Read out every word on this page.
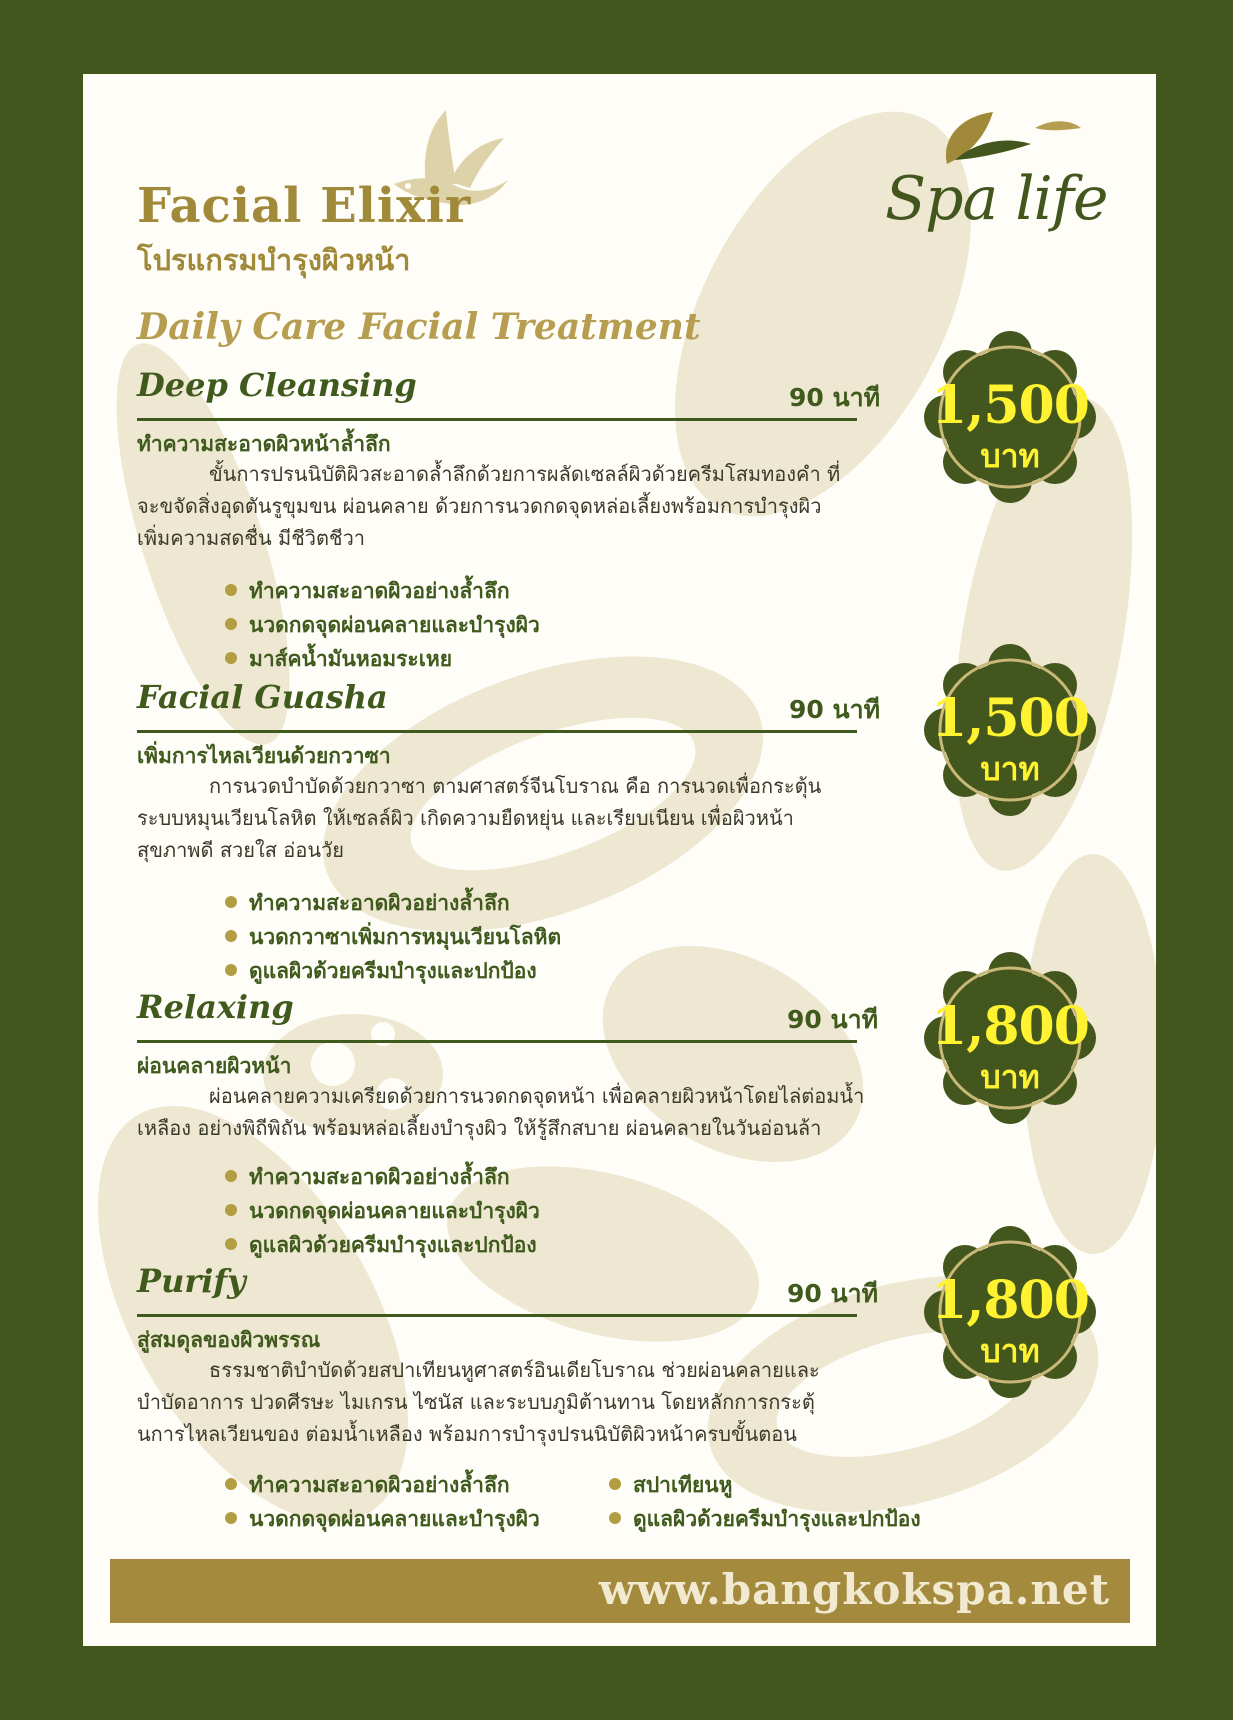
Facial Elixir
โปรแกรมบำรุงผิวหน้า
Daily Care Facial Treatment
Spa life
Deep Cleansing	90 นาที
ทำความสะอาดผิวหน้าล้ำลึก

ขั้นการปรนนิบัติผิวสะอาดล้ำลึกด้วยการผลัดเซลล์ผิวด้วยครีมโสมทองคำ ที่จะขจัดสิ่งอุดตันรูขุมขน ผ่อนคลาย ด้วยการนวดกดจุดหล่อเลี้ยงพร้อมการบำรุงผิว เพิ่มความสดชื่น มีชีวิตชีวา

ทำความสะอาดผิวอย่างล้ำลึก
นวดกดจุดผ่อนคลายและบำรุงผิว
มาส์คน้ำมันหอมระเหย
1,500
บาท
Facial Guasha	90 นาที
เพิ่มการไหลเวียนด้วยกวาซา

การนวดบำบัดด้วยกวาซา ตามศาสตร์จีนโบราณ คือ การนวดเพื่อกระตุ้น ระบบหมุนเวียนโลหิต ให้เซลล์ผิว เกิดความยืดหยุ่น และเรียบเนียน เพื่อผิวหน้าสุขภาพดี สวยใส อ่อนวัย

ทำความสะอาดผิวอย่างล้ำลึก
นวดกวาซาเพิ่มการหมุนเวียนโลหิต
ดูแลผิวด้วยครีมบำรุงและปกป้อง
1,500
บาท
Relaxing	90 นาที
ผ่อนคลายผิวหน้า

ผ่อนคลายความเครียดด้วยการนวดกดจุดหน้า เพื่อคลายผิวหน้าโดยไล่ต่อมน้ำเหลือง อย่างพิถีพิถัน พร้อมหล่อเลี้ยงบำรุงผิว ให้รู้สึกสบาย ผ่อนคลายในวันอ่อนล้า

ทำความสะอาดผิวอย่างล้ำลึก
นวดกดจุดผ่อนคลายและบำรุงผิว
ดูแลผิวด้วยครีมบำรุงและปกป้อง
1,800
บาท
Purify	90 นาที
สู่สมดุลของผิวพรรณ

ธรรมชาติบำบัดด้วยสปาเทียนหูศาสตร์อินเดียโบราณ ช่วยผ่อนคลายและบำบัดอาการ ปวดศีรษะ ไมเกรน ไซนัส และระบบภูมิต้านทาน โดยหลักการกระตุ้นการไหลเวียนของ ต่อมน้ำเหลือง พร้อมการบำรุงปรนนิบัติผิวหน้าครบขั้นตอน

ทำความสะอาดผิวอย่างล้ำลึก
นวดกดจุดผ่อนคลายและบำรุงผิว
สปาเทียนหู
ดูแลผิวด้วยครีมบำรุงและปกป้อง
1,800
บาท
www.bangkokspa.net
